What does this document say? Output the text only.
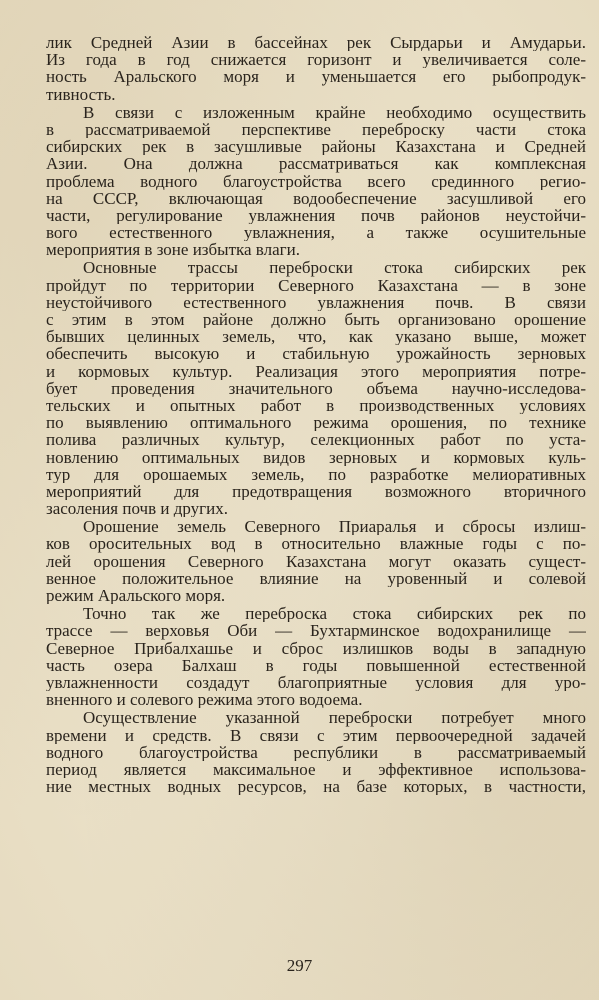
лик Средней Азии в бассейнах рек Сырдарьи и Амударьи.
Из года в год снижается горизонт и увеличивается соле-
ность Аральского моря и уменьшается его рыбопродук-
тивность.
В связи с изложенным крайне необходимо осуществить
в рассматриваемой перспективе переброску части стока
сибирских рек в засушливые районы Казахстана и Средней
Азии. Она должна рассматриваться как комплексная
проблема водного благоустройства всего срединного регио-
на СССР, включающая водообеспечение засушливой его
части, регулирование увлажнения почв районов неустойчи-
вого естественного увлажнения, а также осушительные
мероприятия в зоне избытка влаги.
Основные трассы переброски стока сибирских рек
пройдут по территории Северного Казахстана — в зоне
неустойчивого естественного увлажнения почв. В связи
с этим в этом районе должно быть организовано орошение
бывших целинных земель, что, как указано выше, может
обеспечить высокую и стабильную урожайность зерновых
и кормовых культур. Реализация этого мероприятия потре-
бует проведения значительного объема научно-исследова-
тельских и опытных работ в производственных условиях
по выявлению оптимального режима орошения, по технике
полива различных культур, селекционных работ по уста-
новлению оптимальных видов зерновых и кормовых куль-
тур для орошаемых земель, по разработке мелиоративных
мероприятий для предотвращения возможного вторичного
засоления почв и других.
Орошение земель Северного Приаралья и сбросы излиш-
ков оросительных вод в относительно влажные годы с по-
лей орошения Северного Казахстана могут оказать сущест-
венное положительное влияние на уровенный и солевой
режим Аральского моря.
Точно так же переброска стока сибирских рек по
трассе — верховья Оби — Бухтарминское водохранилище —
Северное Прибалхашье и сброс излишков воды в западную
часть озера Балхаш в годы повышенной естественной
увлажненности создадут благоприятные условия для уро-
вненного и солевого режима этого водоема.
Осуществление указанной переброски потребует много
времени и средств. В связи с этим первоочередной задачей
водного благоустройства республики в рассматриваемый
период является максимальное и эффективное использова-
ние местных водных ресурсов, на базе которых, в частности,
297
